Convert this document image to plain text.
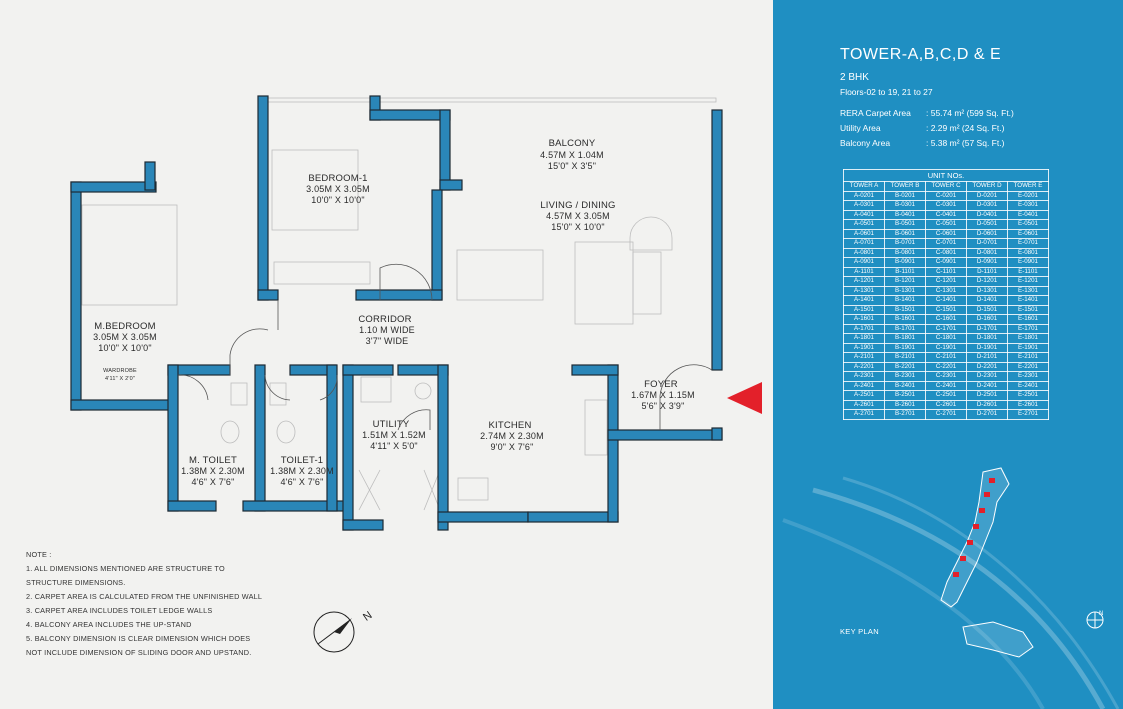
BALCONY
4.57M X 1.04M
15'0" X 3'5"
BEDROOM-1
3.05M X 3.05M
10'0" X 10'0"	LIVING / DINING
4.57M X 3.05M
15'0" X 10'0"
M.BEDROOM
3.05M X 3.05M
10'0" X 10'0"
CORRIDOR
1.10 M WIDE
3'7" WIDE
FOYER
1.67M X 1.15M
5'6" X 3'9"
UTILITY
1.51M X 1.52M
4'11" X 5'0"
KITCHEN
2.74M X 2.30M
9'0" X 7'6"
M. TOILET
1.38M X 2.30M
4'6" X 7'6"
TOILET-1
1.38M X 2.30M
4'6" X 7'6"
WARDROBE
4'11" X 2'0"
NOTE :
1. ALL DIMENSIONS MENTIONED ARE STRUCTURE TO
STRUCTURE DIMENSIONS.
2. CARPET AREA IS CALCULATED FROM THE UNFINISHED WALL
3. CARPET AREA INCLUDES TOILET LEDGE WALLS
4. BALCONY AREA INCLUDES THE UP-STAND
5. BALCONY DIMENSION IS CLEAR DIMENSION WHICH DOES
NOT INCLUDE DIMENSION OF SLIDING DOOR AND UPSTAND.
N
TOWER-A,B,C,D & E
2 BHK
Floors-02 to 19, 21 to 27
RERA Carpet Area : 55.74 m² (599 Sq. Ft.)
Utility Area	: 2.29 m² (24 Sq. Ft.)
Balcony Area	: 5.38 m² (57 Sq. Ft.)
UNIT NOs.				
TOWER A	TOWER B	TOWER C	TOWER D	TOWER E
A-0201	B-0201	C-0201	D-0201	E-0201
A-0301	B-0301	C-0301	D-0301	E-0301
A-0401	B-0401	C-0401	D-0401	E-0401
A-0501	B-0501	C-0501	D-0501	E-0501
A-0601	B-0601	C-0601	D-0601	E-0601
A-0701	B-0701	C-0701	D-0701	E-0701
A-0801	B-0801	C-0801	D-0801	E-0801
A-0901	B-0901	C-0901	D-0901	E-0901
A-1101	B-1101	C-1101	D-1101	E-1101
A-1201	B-1201	C-1201	D-1201	E-1201
A-1301	B-1301	C-1301	D-1301	E-1301
A-1401	B-1401	C-1401	D-1401	E-1401
A-1501	B-1501	C-1501	D-1501	E-1501
A-1601	B-1601	C-1601	D-1601	E-1601
A-1701	B-1701	C-1701	D-1701	E-1701
A-1801	B-1801	C-1801	D-1801	E-1801
A-1901	B-1901	C-1901	D-1901	E-1901
A-2101	B-2101	C-2101	D-2101	E-2101
A-2201	B-2201	C-2201	D-2201	E-2201
A-2301	B-2301	C-2301	D-2301	E-2301
A-2401	B-2401	C-2401	D-2401	E-2401
A-2501	B-2501	C-2501	D-2501	E-2501
A-2601	B-2601	C-2601	D-2601	E-2601
A-2701	B-2701	C-2701	D-2701	E-2701
KEY PLAN
N
